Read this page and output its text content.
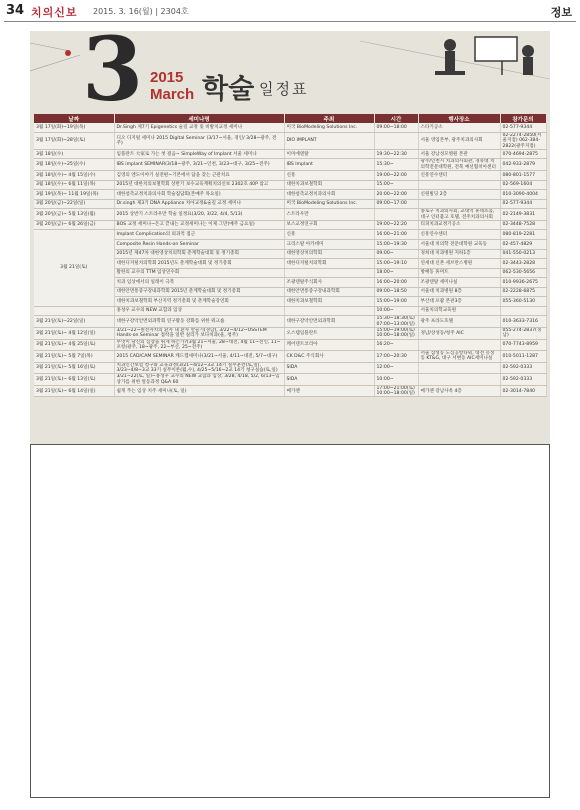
34 치의신보 2015. 3. 16(월) | 2304호	정보
3 2015
March 학술 일정표
날짜	세미나명	주최	시간	행사장소	참가문의
3월 17일(화)~19일(목)	Dr.Singh 제7기 Epigenetics 술길 교정 및 비발치교정 세미나	미국 BioModeling Solutions Inc.	09:00~18:00	스타기공소	02-577-9344
3월 17일(화)~28일(토)	디오 디지털 세미나 2015 Digital Seminar (3/17~서울, 경인/ 3/28~광주, 전주)	DIO IMPLANT		서울 영업본부, 광주치과의사회	02-2274-2850(서울지점) 062-384-2822(광주지점)
3월 18일(수)	임플란트 大家로 가는 첫 걸음~ SimpleWay of Implant 서울 세미나	이미에덴탈	19:30~22:30	서울 강남성모병원 본관	070-4694-2875
3월 18일(수)~25일(수)	IBS implant SEMINAR(3/18~광주, 3/21~인천, 3/23~대구, 3/25~전주)	IBS Implant	15:30~	광주/인천시 치과의사회관, 경북대 치의학전문대학원, 전북 예선협치아센터	042-933-2879
3월 18일(수)~ 4월 15일(수)	김영의 엔도이야기 실전편~기본에서 답을 찾는 근관치료	신흥	19:00~22:00	신흥연수센터	080-801-1577
3월 18일(수)~ 6월 11일(목)	2015년 대한치의보철학회 상반기 보수교육계획치의신보 2302호 40P 참고	대한치과보철학회	15:00~		02-569-1604
3월 19일(목)~ 11월 19일(목)	대한설측교정치과의사회 학술집담회(본매주 목요일)	대한설측교정치과의사회	20:00~22:00	신원빌딩 2층	010-3090-4004
3월 20일(금)~22일(일)	Dr.singh 제3기 DNA Appliance 치아교정&술길 교정 세미나	미국 BioModeling Solutions Inc.	09:00~17:00		02-577-9344
3월 20일(금)~ 5월 13일(월)	2015 상반기 스트라우만 학술 일정표(3/20, 3/22, 4/4, 5/13)	스트라우만		종로구 치과의사회, 교대역 휴네츠홀, 대구 인터불고 호텔, 전주치과의사회	02-2149-3831
3월 20일(금)~ 6월 26일(금)	BOS 교정 세미나~돈고 끝내는 교정세미나는 이제 그만(매주 금요일)	보스교정연구회	19:00~22:20	티피치과교정기공소	02-3448-7528
3월 21일(토)	Implant Complication의 외과적 접근	신흥	16:00~21:00	신흥연수센터	080-819-2281
	Composite Resin Hands-on Seminar	크리스탈 아카데미	15:00~19:30	서울대 치의학 전문대학원 교육동	02-457-4829
	2015년 제47차 대한영상치의학회 춘계학술대회 및 정기총회	대한영상치의학회	09:00~	경희대 치과병원 지하1층	041-550-0213
	대한디지털치의학회 2015년도 춘계학술대회 및 정기총회	대한디지털치의학회	15:00~19:10	연세대 신촌 세브란스병원	02-3443-2828
	활한의 교수의 TTM 임상연수회		18:00~	방배동 휴머트	062-530-5656
	치과 임상에서의 일래이 극복	조광덴탈주식회사	16:00~20:00	조광덴탈 세미나실	010-9936-2675
	대한안면통증구강내과학회 2015년 춘계학술대회 및 정기총회	대한안면통증구강내과학회	09:00~18:50	서울대 치과병원 8층	02-2228-6875
	대한치과보철학회 부산지역 정기총회 및 춘계학술강연회	대한치과보철학회	15:00~19:00	부산대 포괄 본관3층	055-360-5130
	홍성우 교수의 NEW 교합과 임상		10:00~	서울치의학교육원	
3월 21일(토)~22일(일)	대한구강악안면외과학회 연구활동 강화를 위한 워크숍	대한구강악안면외과학회	15:30~18:30(토) 07:00~13:00(일)	광주 프라도호텔	010-3633-7316
3월 21일(토)~ 4월 12일(일)	3/21~22~원전자치의 환자 내 환자 만들기(경남), 3/22~4/12~OSSTEM Hands-on Seminar 접착을 일반 실리가 보다치과(울, 청주)	오스템임플란트	15:00~19:00(토) 10:00~18:00(일)	경남/상성동/청주 AIC	055-274-2837(경남)
3월 21일(토)~ 4월 25일(토)	무엇이 당신의 심장을 뛰게 하는가?(3월 21~서울, 28~대전, 4월 11~전인, 11~포항(광주, 18~광주, 22~부산, 25~전주)	케어덴트코리아	16:20~		070-7743-8959
3월 21일(토)~ 5월 7일(목)	2015 CAD/CAM SEMINAR 캐드캠세미나(3/21~서울, 4/11~대전, 5/7~대구)	CK D&C 주식회사	17:00~20:30	서울 삼성동 도심공항타워, 대전 유성동 KT&G, 대구 서변동 AIC세미나실	010-5011-1287
3월 21일(토)~ 5월 16일(토)	치과인간보험 청구와 교육과정(3/21~4/12~3교 14기 실무훈련(토,일), 3/23~4/8~3교 33기 실무이론(월,수), 4/25~5/16~2교 14기 청구실습(토,일)	SIDA	12:00~		02-592-0333
3월 21일(토)~ 6월 13일(토)	3/21~22(토, 일)~홍성우 교수의 NEW 교합과 임상, 3/28, 4/18, 5/2, 6/13~임상가를 위한 알동과정 Q&A 60	SIDA	10:00~		02-592-0333
3월 21일(토)~ 6월 14일(일)	쉽게 푸는 임상 치주 세미나(토, 일)	메가젠	17:00~21:00(토) 10:00~18:00(일)	메가젠 강남사옥 4층	02-3014-7840
